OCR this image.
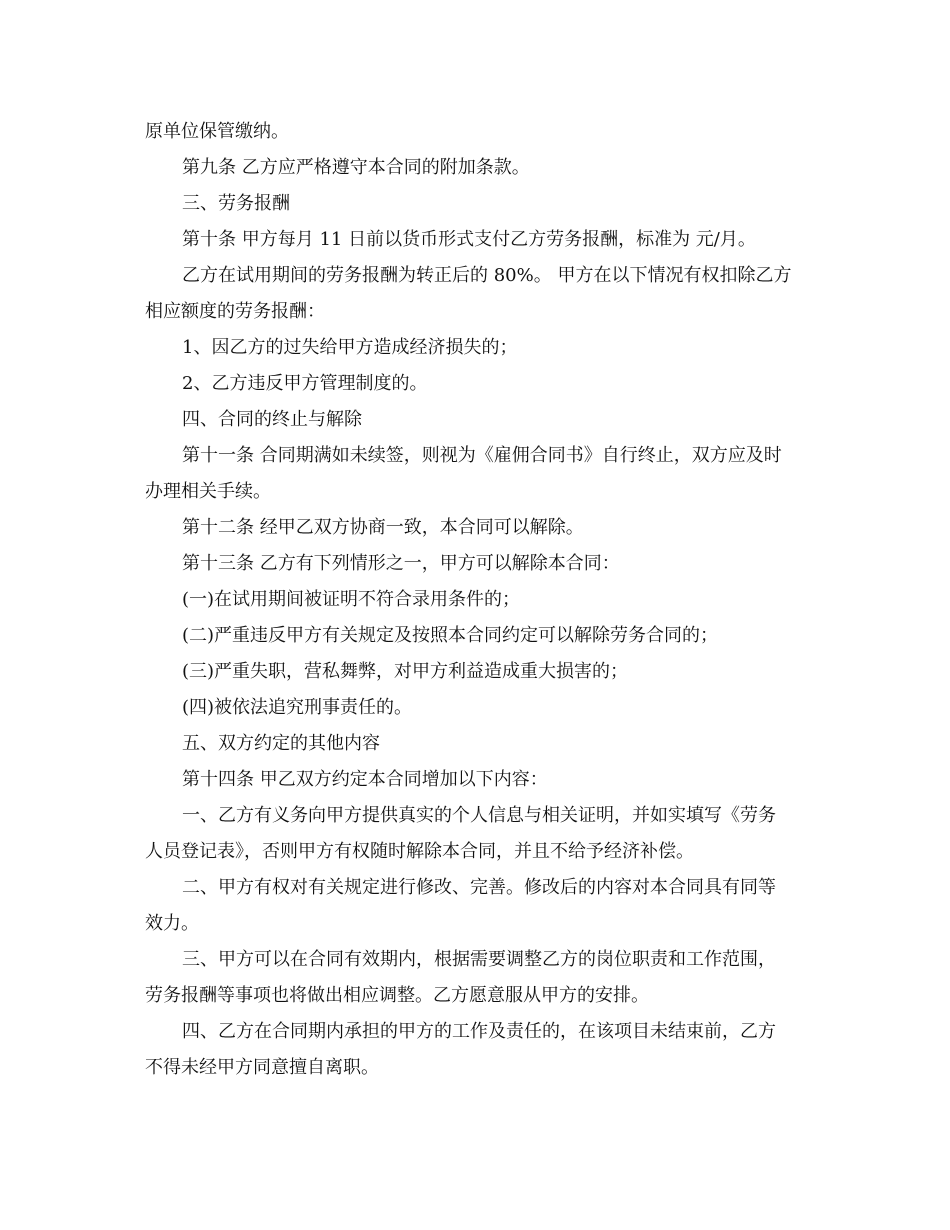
原单位保管缴纳。
第九条 乙方应严格遵守本合同的附加条款。
三、劳务报酬
第十条 甲方每月 11 日前以货币形式支付乙方劳务报酬，标准为 元/月。
乙方在试用期间的劳务报酬为转正后的 80%。 甲方在以下情况有权扣除乙方
相应额度的劳务报酬：
1、因乙方的过失给甲方造成经济损失的；
2、乙方违反甲方管理制度的。
四、合同的终止与解除
第十一条 合同期满如未续签，则视为《雇佣合同书》自行终止，双方应及时
办理相关手续。
第十二条 经甲乙双方协商一致，本合同可以解除。
第十三条 乙方有下列情形之一，甲方可以解除本合同：
(一)在试用期间被证明不符合录用条件的；
(二)严重违反甲方有关规定及按照本合同约定可以解除劳务合同的；
(三)严重失职，营私舞弊，对甲方利益造成重大损害的；
(四)被依法追究刑事责任的。
五、双方约定的其他内容
第十四条 甲乙双方约定本合同增加以下内容：
一、乙方有义务向甲方提供真实的个人信息与相关证明，并如实填写《劳务
人员登记表》，否则甲方有权随时解除本合同，并且不给予经济补偿。
二、甲方有权对有关规定进行修改、完善。修改后的内容对本合同具有同等
效力。
三、甲方可以在合同有效期内，根据需要调整乙方的岗位职责和工作范围，
劳务报酬等事项也将做出相应调整。乙方愿意服从甲方的安排。
四、乙方在合同期内承担的甲方的工作及责任的，在该项目未结束前，乙方
不得未经甲方同意擅自离职。
